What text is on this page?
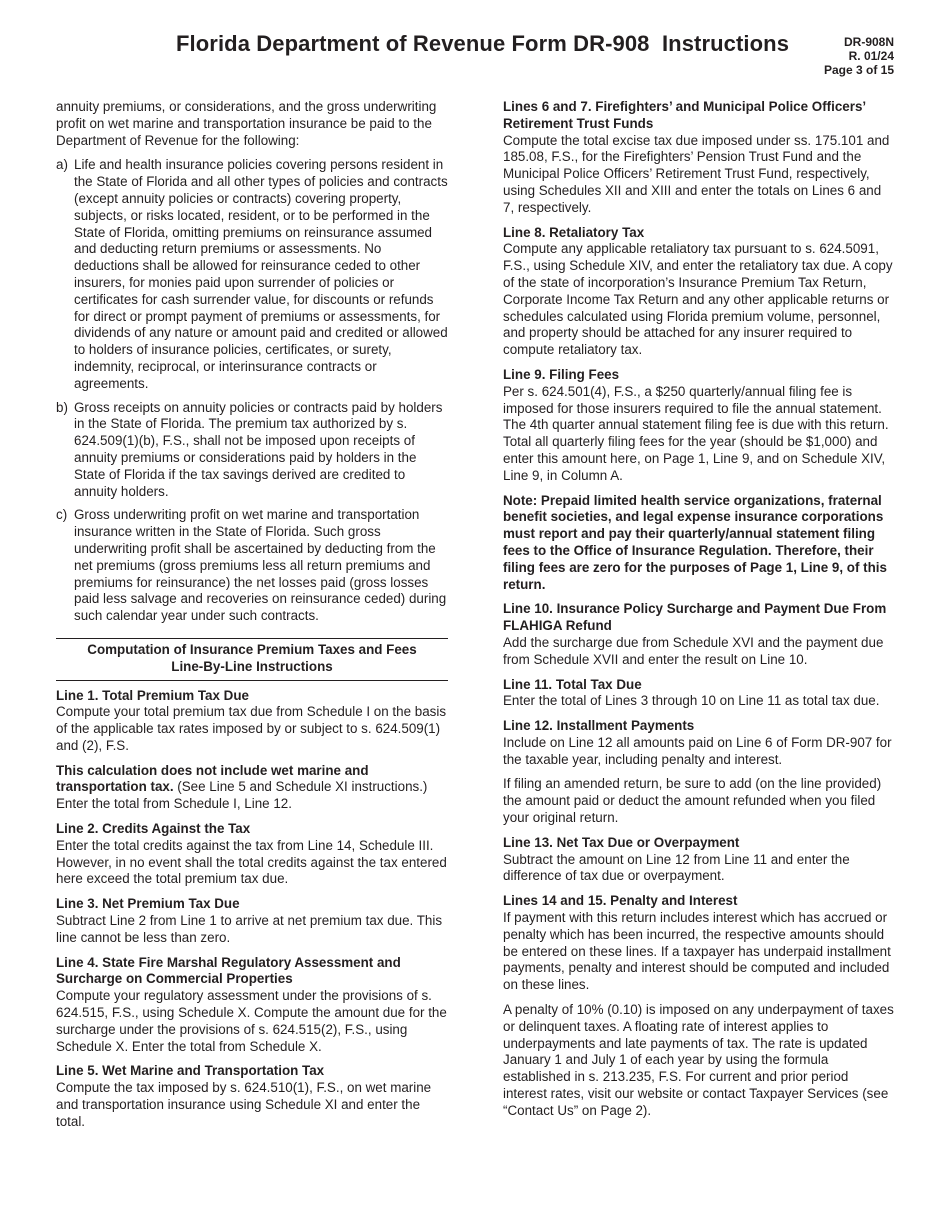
Florida Department of Revenue Form DR-908  Instructions	DR-908N
R. 01/24
Page 3 of 15

annuity premiums, or considerations, and the gross underwriting profit on wet marine and transportation insurance be paid to the Department of Revenue for the following:

a) Life and health insurance policies covering persons resident in the State of Florida and all other types of policies and contracts (except annuity policies or contracts) covering property, subjects, or risks located, resident, or to be performed in the State of Florida, omitting premiums on reinsurance assumed and deducting return premiums or assessments. No deductions shall be allowed for reinsurance ceded to other insurers, for monies paid upon surrender of policies or certificates for cash surrender value, for discounts or refunds for direct or prompt payment of premiums or assessments, for dividends of any nature or amount paid and credited or allowed to holders of insurance policies, certificates, or surety, indemnity, reciprocal, or interinsurance contracts or agreements.
b) Gross receipts on annuity policies or contracts paid by holders in the State of Florida. The premium tax authorized by s. 624.509(1)(b), F.S., shall not be imposed upon receipts of annuity premiums or considerations paid by holders in the State of Florida if the tax savings derived are credited to annuity holders.
c) Gross underwriting profit on wet marine and transportation insurance written in the State of Florida. Such gross underwriting profit shall be ascertained by deducting from the net premiums (gross premiums less all return premiums and premiums for reinsurance) the net losses paid (gross losses paid less salvage and recoveries on reinsurance ceded) during such calendar year under such contracts.
Computation of Insurance Premium Taxes and Fees
Line-By-Line Instructions

Line 1. Total Premium Tax Due
Compute your total premium tax due from Schedule I on the basis of the applicable tax rates imposed by or subject to s. 624.509(1) and (2), F.S.

This calculation does not include wet marine and transportation tax. (See Line 5 and Schedule XI instructions.) Enter the total from Schedule I, Line 12.

Line 2. Credits Against the Tax
Enter the total credits against the tax from Line 14, Schedule III. However, in no event shall the total credits against the tax entered here exceed the total premium tax due.

Line 3. Net Premium Tax Due
Subtract Line 2 from Line 1 to arrive at net premium tax due. This line cannot be less than zero.

Line 4. State Fire Marshal Regulatory Assessment and Surcharge on Commercial Properties
Compute your regulatory assessment under the provisions of s. 624.515, F.S., using Schedule X. Compute the amount due for the surcharge under the provisions of s. 624.515(2), F.S., using Schedule X. Enter the total from Schedule X.

Line 5. Wet Marine and Transportation Tax
Compute the tax imposed by s. 624.510(1), F.S., on wet marine and transportation insurance using Schedule XI and enter the total.

Lines 6 and 7. Firefighters’ and Municipal Police Officers’ Retirement Trust Funds
Compute the total excise tax due imposed under ss. 175.101 and 185.08, F.S., for the Firefighters’ Pension Trust Fund and the Municipal Police Officers’ Retirement Trust Fund, respectively, using Schedules XII and XIII and enter the totals on Lines 6 and 7, respectively.

Line 8. Retaliatory Tax
Compute any applicable retaliatory tax pursuant to s. 624.5091, F.S., using Schedule XIV, and enter the retaliatory tax due. A copy of the state of incorporation’s Insurance Premium Tax Return, Corporate Income Tax Return and any other applicable returns or schedules calculated using Florida premium volume, personnel, and property should be attached for any insurer required to compute retaliatory tax.

Line 9. Filing Fees
Per s. 624.501(4), F.S., a $250 quarterly/annual filing fee is imposed for those insurers required to file the annual statement. The 4th quarter annual statement filing fee is due with this return. Total all quarterly filing fees for the year (should be $1,000) and enter this amount here, on Page 1, Line 9, and on Schedule XIV, Line 9, in Column A.

Note: Prepaid limited health service organizations, fraternal benefit societies, and legal expense insurance corporations must report and pay their quarterly/annual statement filing fees to the Office of Insurance Regulation. Therefore, their filing fees are zero for the purposes of Page 1, Line 9, of this return.

Line 10. Insurance Policy Surcharge and Payment Due From FLAHIGA Refund
Add the surcharge due from Schedule XVI and the payment due from Schedule XVII and enter the result on Line 10.

Line 11. Total Tax Due
Enter the total of Lines 3 through 10 on Line 11 as total tax due.

Line 12. Installment Payments
Include on Line 12 all amounts paid on Line 6 of Form DR-907 for the taxable year, including penalty and interest.

If filing an amended return, be sure to add (on the line provided) the amount paid or deduct the amount refunded when you filed your original return.

Line 13. Net Tax Due or Overpayment
Subtract the amount on Line 12 from Line 11 and enter the difference of tax due or overpayment.

Lines 14 and 15. Penalty and Interest
If payment with this return includes interest which has accrued or penalty which has been incurred, the respective amounts should be entered on these lines. If a taxpayer has underpaid installment payments, penalty and interest should be computed and included on these lines.

A penalty of 10% (0.10) is imposed on any underpayment of taxes or delinquent taxes. A floating rate of interest applies to underpayments and late payments of tax. The rate is updated January 1 and July 1 of each year by using the formula established in s. 213.235, F.S. For current and prior period interest rates, visit our website or contact Taxpayer Services (see “Contact Us” on Page 2).
